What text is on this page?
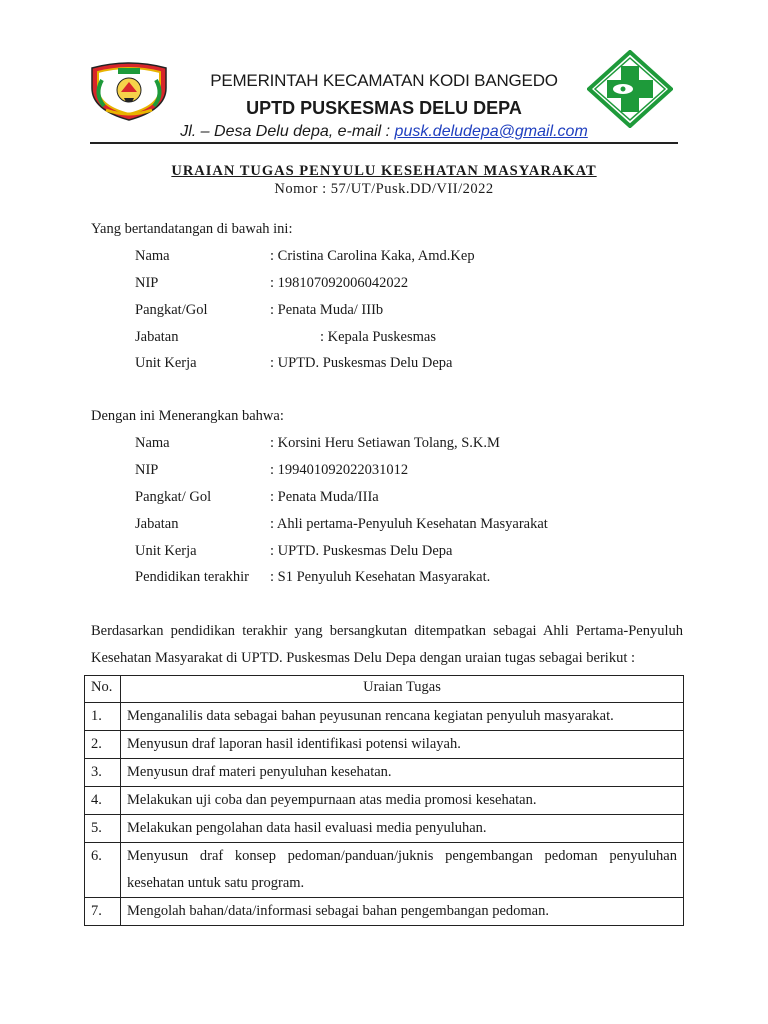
PEMERINTAH KECAMATAN KODI BANGEDO
UPTD PUSKESMAS DELU DEPA
Jl. – Desa Delu depa, e-mail : pusk.deludepa@gmail.com
URAIAN TUGAS PENYULU KESEHATAN MASYARAKAT
Nomor : 57/UT/Pusk.DD/VII/2022
Yang bertandatangan di bawah ini:
Nama	: Cristina Carolina Kaka, Amd.Kep
NIP	: 198107092006042022
Pangkat/Gol	: Penata Muda/ IIIb
Jabatan	: Kepala Puskesmas
Unit Kerja	: UPTD. Puskesmas Delu Depa
Dengan ini Menerangkan bahwa:
Nama	: Korsini Heru Setiawan Tolang, S.K.M
NIP	: 199401092022031012
Pangkat/ Gol	: Penata Muda/IIIa
Jabatan	: Ahli pertama-Penyuluh Kesehatan Masyarakat
Unit Kerja	: UPTD. Puskesmas Delu Depa
Pendidikan terakhir : S1 Penyuluh Kesehatan Masyarakat.
Berdasarkan pendidikan terakhir yang bersangkutan ditempatkan sebagai Ahli Pertama-Penyuluh Kesehatan Masyarakat di UPTD. Puskesmas Delu Depa dengan uraian tugas sebagai berikut :
No.	Uraian Tugas
1.	Menganalilis data sebagai bahan peyusunan rencana kegiatan penyuluh masyarakat.
2.	Menyusun draf laporan hasil identifikasi potensi wilayah.
3.	Menyusun draf materi penyuluhan kesehatan.
4.	Melakukan uji coba dan peyempurnaan atas media promosi kesehatan.
5.	Melakukan pengolahan data hasil evaluasi media penyuluhan.
6.	Menyusun draf konsep pedoman/panduan/juknis pengembangan pedoman penyuluhan kesehatan untuk satu program.
7.	Mengolah bahan/data/informasi sebagai bahan pengembangan pedoman.
